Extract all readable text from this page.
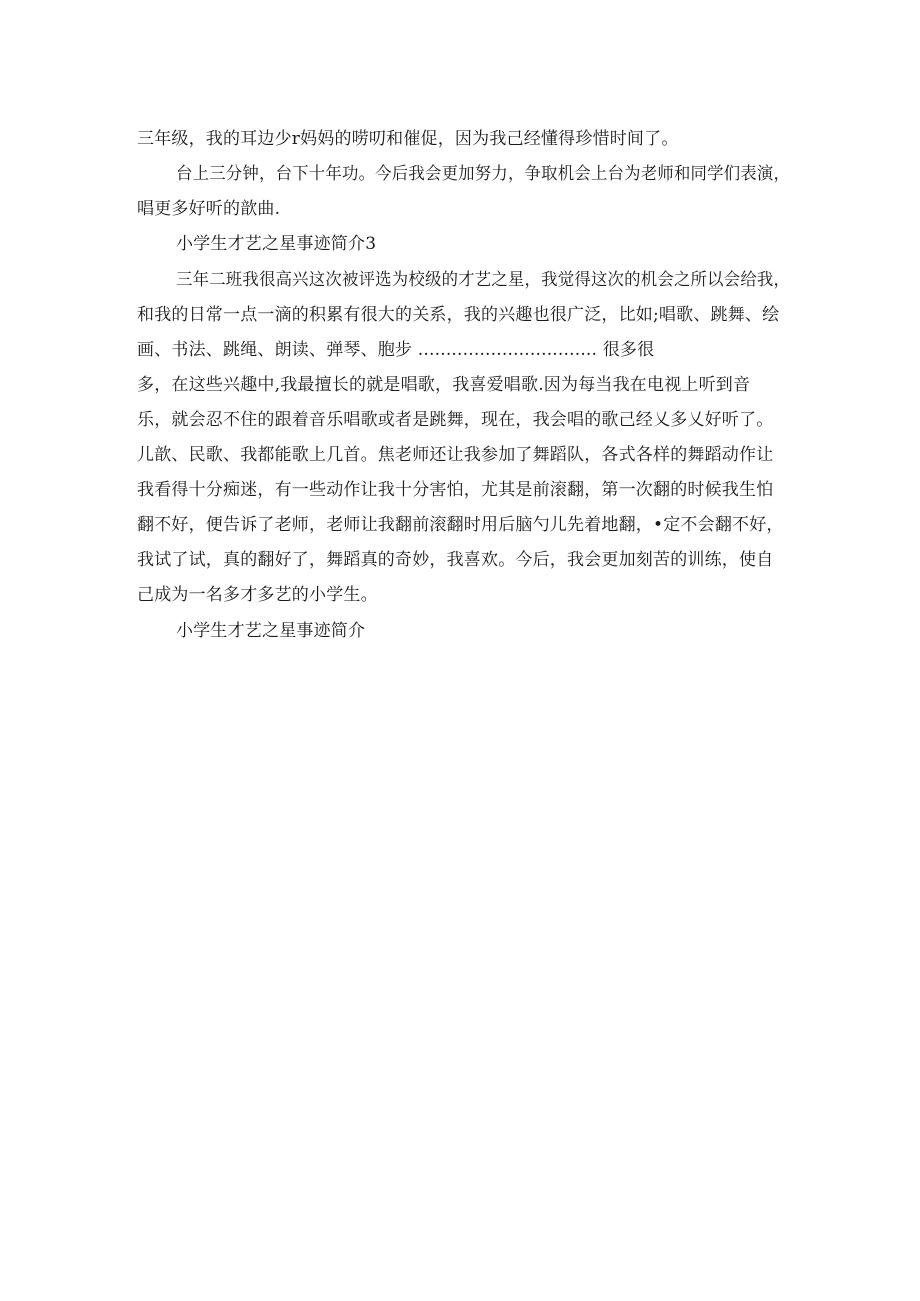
三年级，我的耳边少r妈妈的唠叨和催促，因为我己经懂得珍惜时间了。
台上三分钟，台下十年功。今后我会更加努力，争取机会上台为老师和同学们表演，
唱更多好听的歆曲.
小学生才艺之星事迹简介3
三年二班我很高兴这次被评选为校级的才艺之星，我觉得这次的机会之所以会给我，
和我的日常一点一滴的积累有很大的关系，我的兴趣也很广泛，比如;唱歌、跳舞、绘
画、书法、跳绳、朗读、弹琴、胞步 ................................ 很多很
多，在这些兴趣中,我最擅长的就是唱歌，我喜爱唱歌.因为每当我在电视上听到音
乐，就会忍不住的跟着音乐唱歌或者是跳舞，现在，我会唱的歌己经乂多乂好听了。
儿歆、民歌、我都能歌上几首。焦老师还让我参加了舞蹈队，各式各样的舞蹈动作让
我看得十分痴迷，有一些动作让我十分害怕，尤其是前滚翻，第一次翻的时候我生怕
翻不好，便告诉了老师，老师让我翻前滚翻时用后脑勺儿先着地翻，•定不会翻不好，
我试了试，真的翻好了，舞蹈真的奇妙，我喜欢。今后，我会更加刻苦的训练，使自
己成为一名多才多艺的小学生。
小学生才艺之星事迹简介
